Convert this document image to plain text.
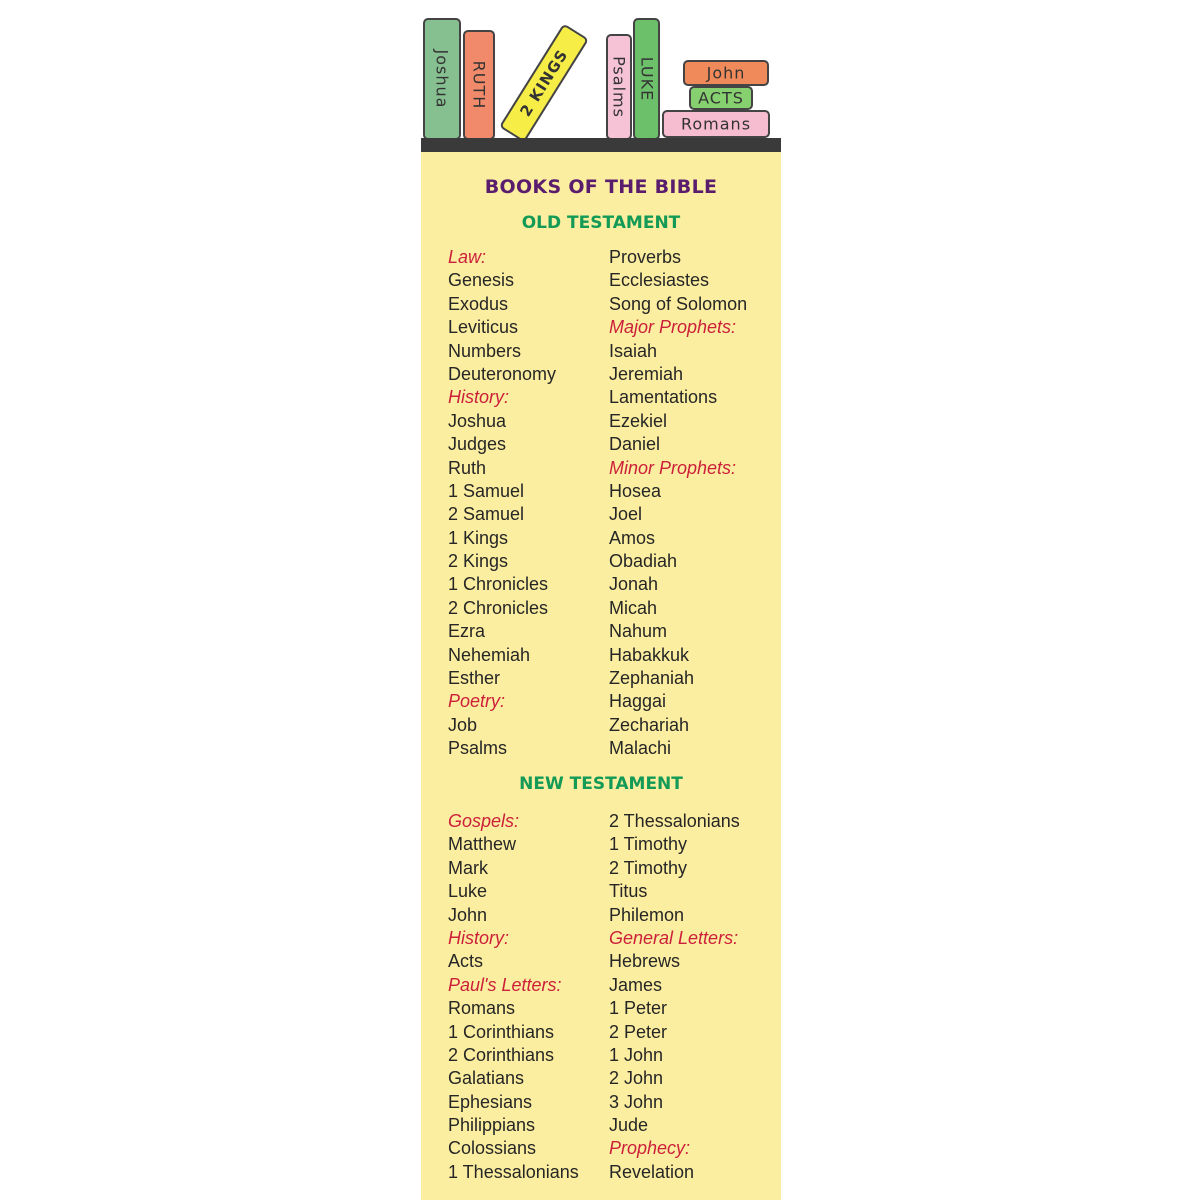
Joshua RUTH 2 KINGS Psalms LUKE	John
ACTS
Romans
BOOKS OF THE BIBLE
OLD TESTAMENT
Law:
Genesis
Exodus
Leviticus
Numbers
Deuteronomy
History:
Joshua
Judges
Ruth
1 Samuel
2 Samuel
1 Kings
2 Kings
1 Chronicles
2 Chronicles
Ezra
Nehemiah
Esther
Poetry:
Job
Psalms
Proverbs
Ecclesiastes
Song of Solomon
Major Prophets:
Isaiah
Jeremiah
Lamentations
Ezekiel
Daniel
Minor Prophets:
Hosea
Joel
Amos
Obadiah
Jonah
Micah
Nahum
Habakkuk
Zephaniah
Haggai
Zechariah
Malachi
NEW TESTAMENT
Gospels:
Matthew
Mark
Luke
John
History:
Acts
Paul's Letters:
Romans
1 Corinthians
2 Corinthians
Galatians
Ephesians
Philippians
Colossians
1 Thessalonians
2 Thessalonians
1 Timothy
2 Timothy
Titus
Philemon
General Letters:
Hebrews
James
1 Peter
2 Peter
1 John
2 John
3 John
Jude
Prophecy:
Revelation
